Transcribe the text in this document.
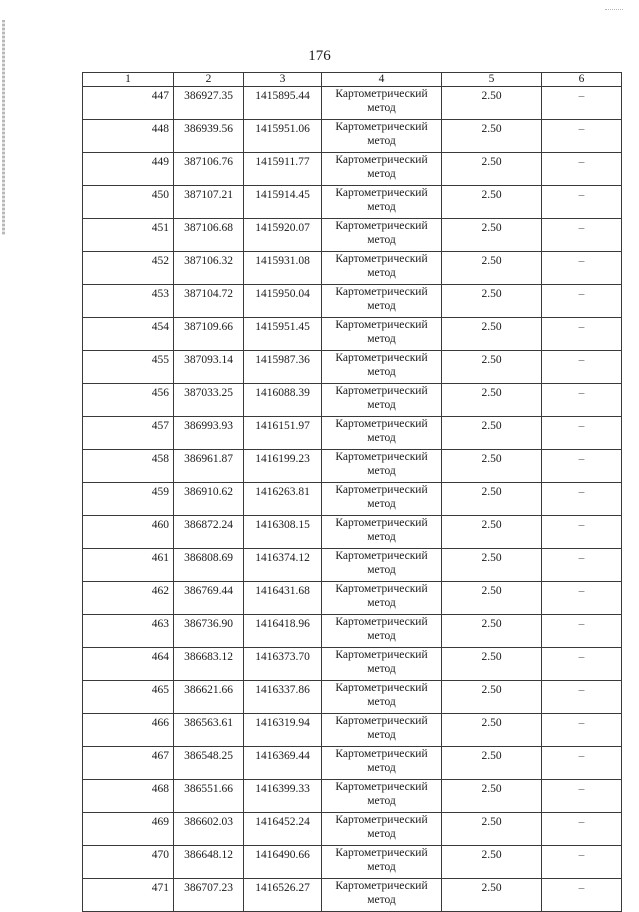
176
1	2	3	4	5	6
447	386927.35	1415895.44	Картометрический метод	2.50	–
448	386939.56	1415951.06	Картометрический метод	2.50	–
449	387106.76	1415911.77	Картометрический метод	2.50	–
450	387107.21	1415914.45	Картометрический метод	2.50	–
451	387106.68	1415920.07	Картометрический метод	2.50	–
452	387106.32	1415931.08	Картометрический метод	2.50	–
453	387104.72	1415950.04	Картометрический метод	2.50	–
454	387109.66	1415951.45	Картометрический метод	2.50	–
455	387093.14	1415987.36	Картометрический метод	2.50	–
456	387033.25	1416088.39	Картометрический метод	2.50	–
457	386993.93	1416151.97	Картометрический метод	2.50	–
458	386961.87	1416199.23	Картометрический метод	2.50	–
459	386910.62	1416263.81	Картометрический метод	2.50	–
460	386872.24	1416308.15	Картометрический метод	2.50	–
461	386808.69	1416374.12	Картометрический метод	2.50	–
462	386769.44	1416431.68	Картометрический метод	2.50	–
463	386736.90	1416418.96	Картометрический метод	2.50	–
464	386683.12	1416373.70	Картометрический метод	2.50	–
465	386621.66	1416337.86	Картометрический метод	2.50	–
466	386563.61	1416319.94	Картометрический метод	2.50	–
467	386548.25	1416369.44	Картометрический метод	2.50	–
468	386551.66	1416399.33	Картометрический метод	2.50	–
469	386602.03	1416452.24	Картометрический метод	2.50	–
470	386648.12	1416490.66	Картометрический метод	2.50	–
471	386707.23	1416526.27	Картометрический метод	2.50	–
